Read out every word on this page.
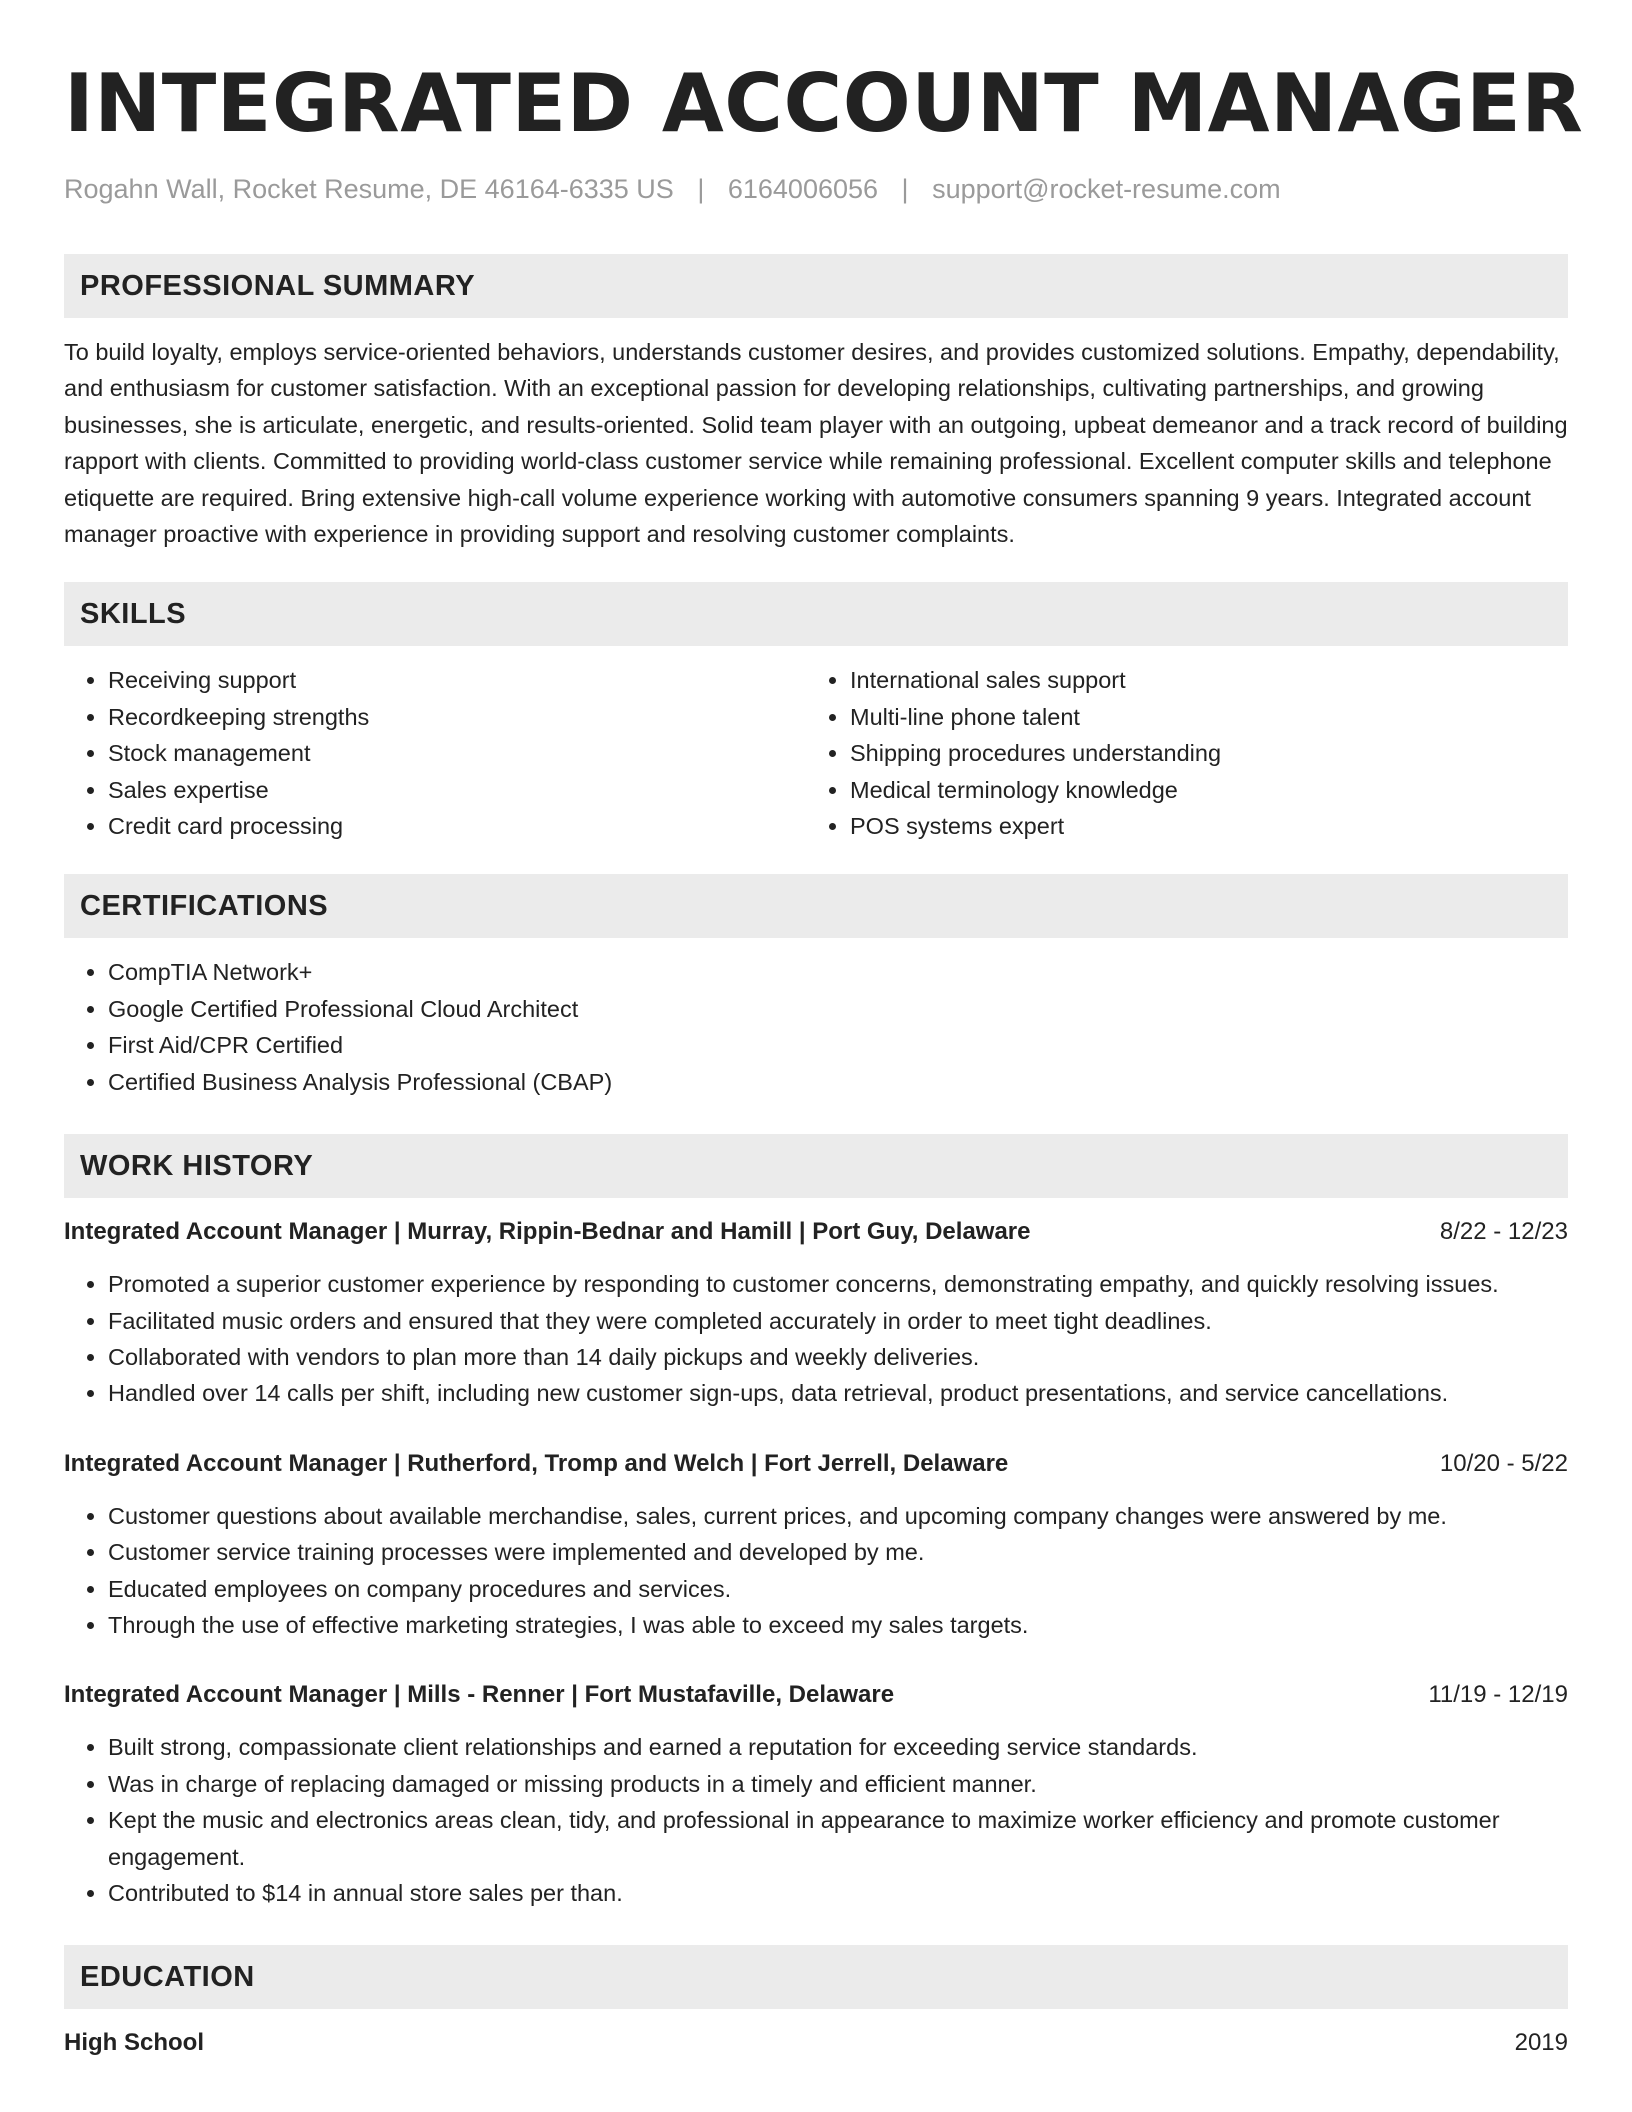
INTEGRATED ACCOUNT MANAGER
Rogahn Wall, Rocket Resume, DE 46164-6335 US | 6164006056 | support@rocket-resume.com
PROFESSIONAL SUMMARY

To build loyalty, employs service-oriented behaviors, understands customer desires, and provides customized solutions. Empathy, dependability, and enthusiasm for customer satisfaction. With an exceptional passion for developing relationships, cultivating partnerships, and growing businesses, she is articulate, energetic, and results-oriented. Solid team player with an outgoing, upbeat demeanor and a track record of building rapport with clients. Committed to providing world-class customer service while remaining professional. Excellent computer skills and telephone etiquette are required. Bring extensive high-call volume experience working with automotive consumers spanning 9 years. Integrated account manager proactive with experience in providing support and resolving customer complaints.

SKILLS
• Receiving support
• Recordkeeping strengths
• Stock management
• Sales expertise
• Credit card processing
• International sales support
• Multi-line phone talent
• Shipping procedures understanding
• Medical terminology knowledge
• POS systems expert
CERTIFICATIONS
• CompTIA Network+
• Google Certified Professional Cloud Architect
• First Aid/CPR Certified
• Certified Business Analysis Professional (CBAP)
WORK HISTORY
Integrated Account Manager | Murray, Rippin-Bednar and Hamill | Port Guy, Delaware	8/22 - 12/23
• Promoted a superior customer experience by responding to customer concerns, demonstrating empathy, and quickly resolving issues.
• Facilitated music orders and ensured that they were completed accurately in order to meet tight deadlines.
• Collaborated with vendors to plan more than 14 daily pickups and weekly deliveries.
• Handled over 14 calls per shift, including new customer sign-ups, data retrieval, product presentations, and service cancellations.
Integrated Account Manager | Rutherford, Tromp and Welch | Fort Jerrell, Delaware	10/20 - 5/22
• Customer questions about available merchandise, sales, current prices, and upcoming company changes were answered by me.
• Customer service training processes were implemented and developed by me.
• Educated employees on company procedures and services.
• Through the use of effective marketing strategies, I was able to exceed my sales targets.
Integrated Account Manager | Mills - Renner | Fort Mustafaville, Delaware	11/19 - 12/19
• Built strong, compassionate client relationships and earned a reputation for exceeding service standards.
• Was in charge of replacing damaged or missing products in a timely and efficient manner.
• Kept the music and electronics areas clean, tidy, and professional in appearance to maximize worker efficiency and promote customer engagement.
• Contributed to $14 in annual store sales per than.
EDUCATION
High School	2019
